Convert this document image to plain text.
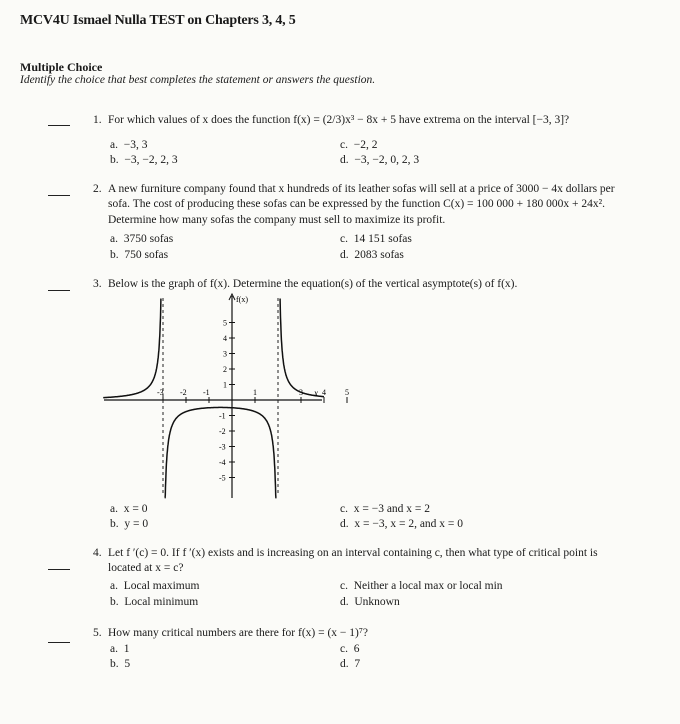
MCV4U Ismael Nulla TEST on Chapters 3, 4, 5
Multiple Choice
Identify the choice that best completes the statement or answers the question.
1. For which values of x does the function f(x) = (2/3)x³ − 8x + 5 have extrema on the interval [−3, 3]?
a. −3, 3
b. −3, −2, 2, 3
c. −2, 2
d. −3, −2, 0, 2, 3
2. A new furniture company found that x hundreds of its leather sofas will sell at a price of 3000 − 4x dollars per
sofa. The cost of producing these sofas can be expressed by the function C(x) = 100 000 + 180 000x + 24x².
Determine how many sofas the company must sell to maximize its profit.
a. 3750 sofas
b. 750 sofas
c. 14 151 sofas
d. 2083 sofas
3. Below is the graph of f(x). Determine the equation(s) of the vertical asymptote(s) of f(x).
-3 -2 -1	1	3 4 5
5
4
3
2
1
-1
-2
-3
-4
-5
f(x)
x
a. x = 0
b. y = 0
c. x = −3 and x = 2
d. x = −3, x = 2, and x = 0
4. Let f ′(c) = 0. If f ′(x) exists and is increasing on an interval containing c, then what type of critical point is
located at x = c?
a. Local maximum
b. Local minimum
c. Neither a local max or local min
d. Unknown
5. How many critical numbers are there for f(x) = (x − 1)⁷?
a. 1
b. 5
c. 6
d. 7
